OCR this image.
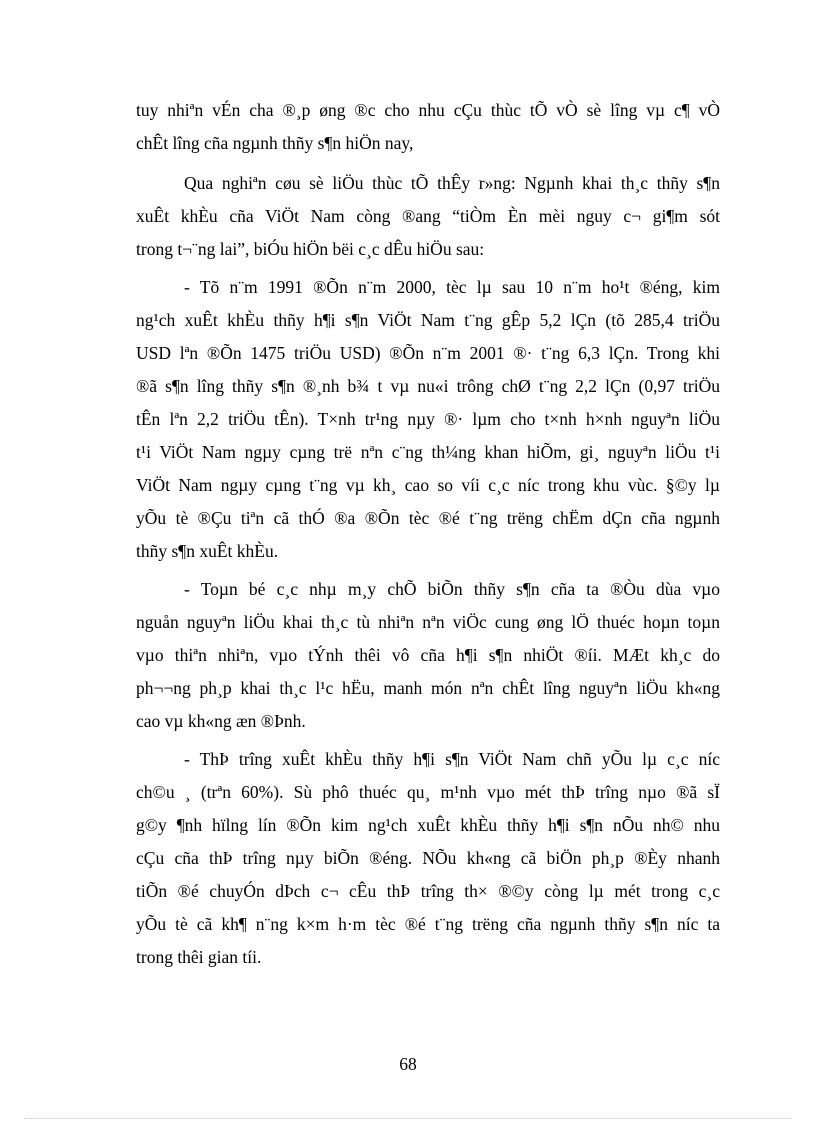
tuy nhiªn vÉn cha ®¸p øng ®c cho nhu cÇu thùc tÕ vÒ sè lîng vµ c¶ vÒ
chÊt lîng cña ngµnh thñy s¶n hiÖn nay,
Qua nghiªn cøu sè liÖu thùc tÕ thÊy r»ng: Ngµnh khai th¸c thñy s¶n
xuÊt khÈu cña ViÖt Nam còng ®ang “tiÒm Èn mèi nguy c¬ gi¶m sót
trong t¬¨ng lai”, biÓu hiÖn bëi c¸c dÊu hiÖu sau:
- Tõ n¨m 1991 ®Õn n¨m 2000, tèc lµ sau 10 n¨m ho¹t ®éng, kim
ng¹ch xuÊt khÈu thñy h¶i s¶n ViÖt Nam t¨ng gÊp 5,2 lÇn (tõ 285,4 triÖu
USD lªn ®Õn 1475 triÖu USD) ®Õn n¨m 2001 ®· t¨ng 6,3 lÇn. Trong khi
®ã s¶n lîng thñy s¶n ®¸nh b¾ t vµ nu«i trông chØ t¨ng 2,2 lÇn (0,97 triÖu
tÊn lªn 2,2 triÖu tÊn). T×nh tr¹ng nµy ®· lµm cho t×nh h×nh nguyªn liÖu
t¹i ViÖt Nam ngµy cµng trë nªn c¨ng th¼ng khan hiÕm, gi¸ nguyªn liÖu t¹i
ViÖt Nam ngµy cµng t¨ng vµ kh¸ cao so víi c¸c níc trong khu vùc. §©y lµ
yÕu tè ®Çu tiªn cã thÓ ®a ®Õn tèc ®é t¨ng trëng chËm dÇn cña ngµnh
thñy s¶n xuÊt khÈu.
- Toµn bé c¸c nhµ m¸y chÕ biÕn thñy s¶n cña ta ®Òu dùa vµo
nguån nguyªn liÖu khai th¸c tù nhiªn nªn viÖc cung øng lÖ thuéc hoµn toµn
vµo thiªn nhiªn, vµo tÝnh thêi vô cña h¶i s¶n nhiÖt ®íi. MÆt kh¸c do
ph¬¬ng ph¸p khai th¸c l¹c hËu, manh món nªn chÊt lîng nguyªn liÖu kh«ng
cao vµ kh«ng æn ®Þnh.
- ThÞ trîng xuÊt khÈu thñy h¶i s¶n ViÖt Nam chñ yÕu lµ c¸c níc
ch©u ¸ (trªn 60%). Sù phô thuéc qu¸ m¹nh vµo mét thÞ trîng nµo ®ã sÏ
g©y ¶nh hïlng lín ®Õn kim ng¹ch xuÊt khÈu thñy h¶i s¶n nÕu nh© nhu
cÇu cña thÞ trîng nµy biÕn ®éng. NÕu kh«ng cã biÖn ph¸p ®Èy nhanh
tiÕn ®é chuyÓn dÞch c¬ cÊu thÞ trîng th× ®©y còng lµ mét trong c¸c
yÕu tè cã kh¶ n¨ng k×m h·m tèc ®é t¨ng trëng cña ngµnh thñy s¶n níc ta
trong thêi gian tíi.
68
